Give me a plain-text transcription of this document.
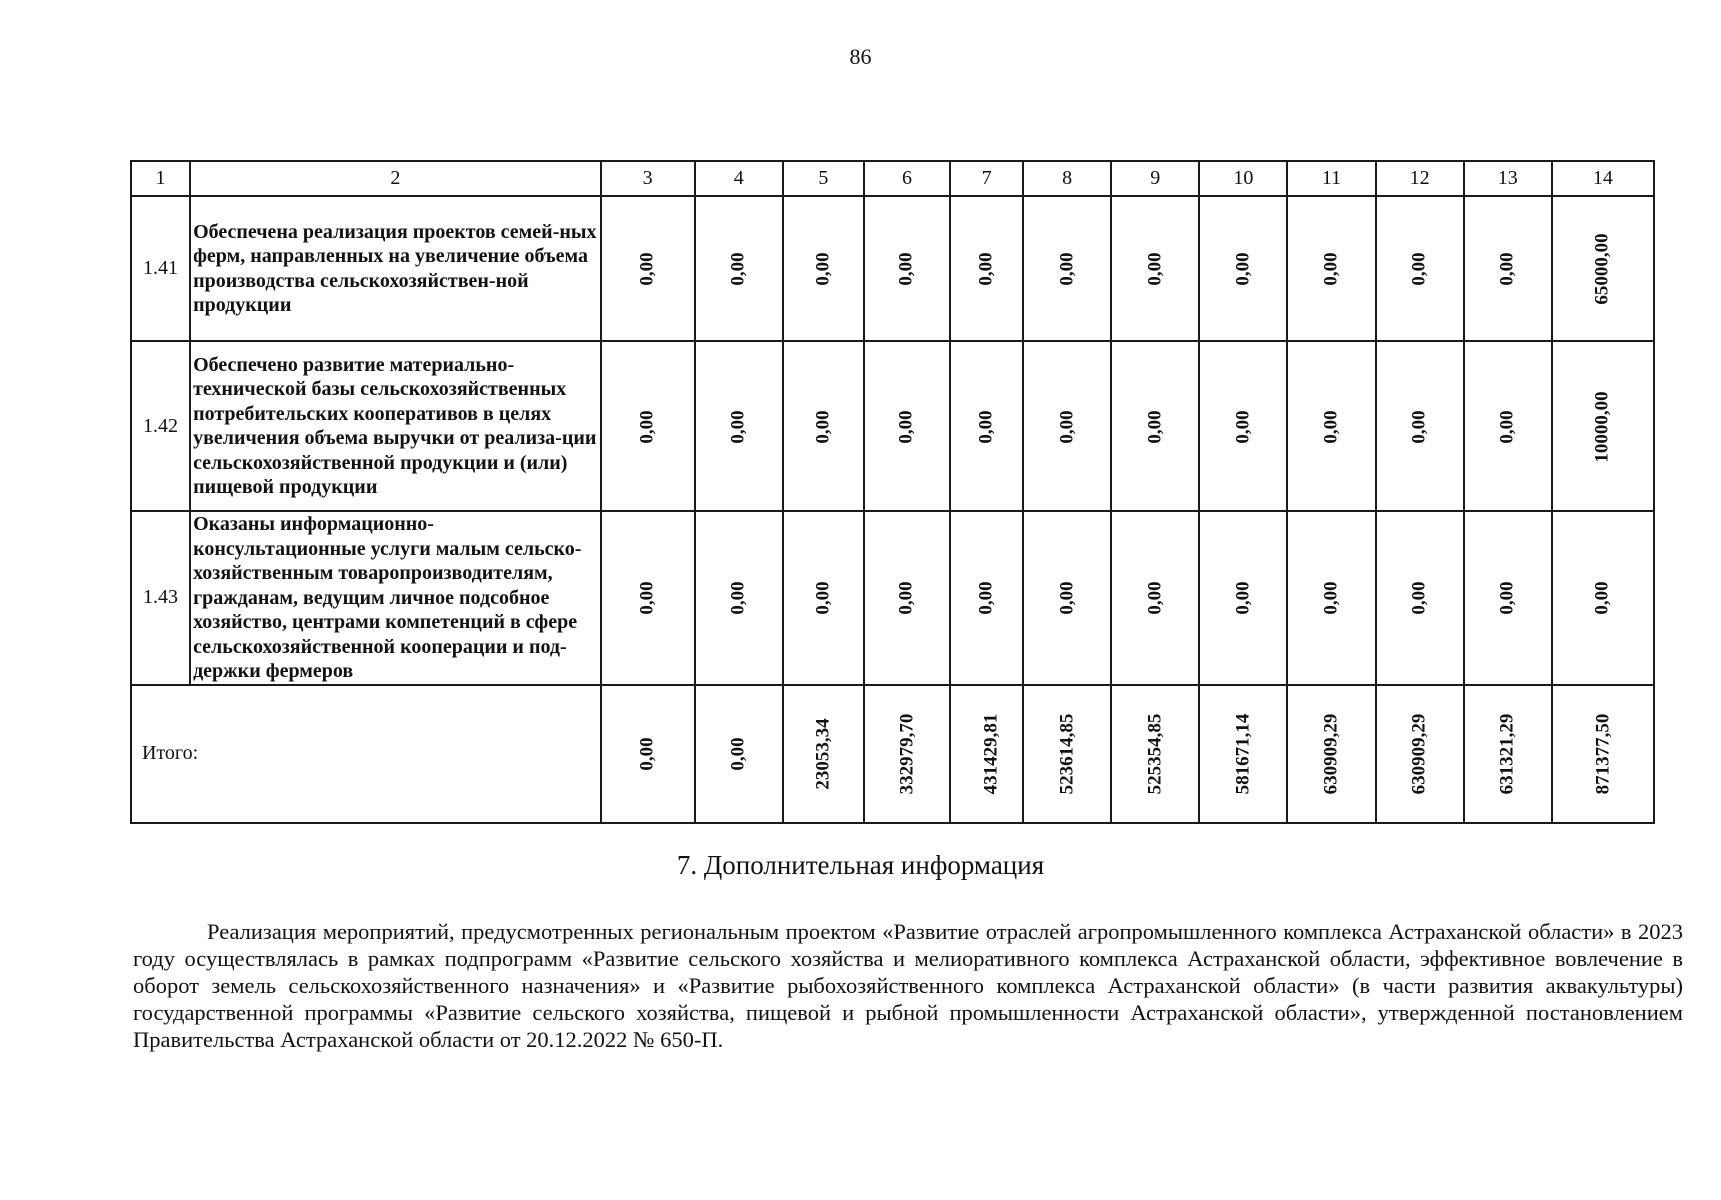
86
1	2	3	4	5	6	7	8	9	10	11	12	13	14
1.41	Обеспечена реализация проектов семей-ных ферм, направленных на увеличение объема производства сельскохозяйствен-ной продукции	0,00	0,00	0,00	0,00	0,00	0,00	0,00	0,00	0,00	0,00	0,00	65000,00
1.42	Обеспечено развитие материально-технической базы сельскохозяйственных потребительских кооперативов в целях увеличения объема выручки от реализа-ции сельскохозяйственной продукции и (или) пищевой продукции	0,00	0,00	0,00	0,00	0,00	0,00	0,00	0,00	0,00	0,00	0,00	10000,00
1.43	Оказаны информационно-консультационные услуги малым сельско-хозяйственным товаропроизводителям, гражданам, ведущим личное подсобное хозяйство, центрами компетенций в сфере сельскохозяйственной кооперации и под-держки фермеров	0,00	0,00	0,00	0,00	0,00	0,00	0,00	0,00	0,00	0,00	0,00	0,00
Итого:		0,00	0,00	23053,34	332979,70	431429,81	523614,85	525354,85	581671,14	630909,29	630909,29	631321,29	871377,50
7. Дополнительная информация
Реализация мероприятий, предусмотренных региональным проектом «Развитие отраслей агропромышленного комплекса Астраханской области» в 2023 году осуществлялась в рамках подпрограмм «Развитие сельского хозяйства и мелиоративного комплекса Астраханской области, эффективное вовлечение в оборот земель сельскохозяйственного назначения» и «Развитие рыбохозяйственного комплекса Астраханской области» (в части развития аквакультуры) государственной программы «Развитие сельского хозяйства, пищевой и рыбной промышленности Астраханской области», утвержденной постановлением Правительства Астраханской области от 20.12.2022 № 650-П.
